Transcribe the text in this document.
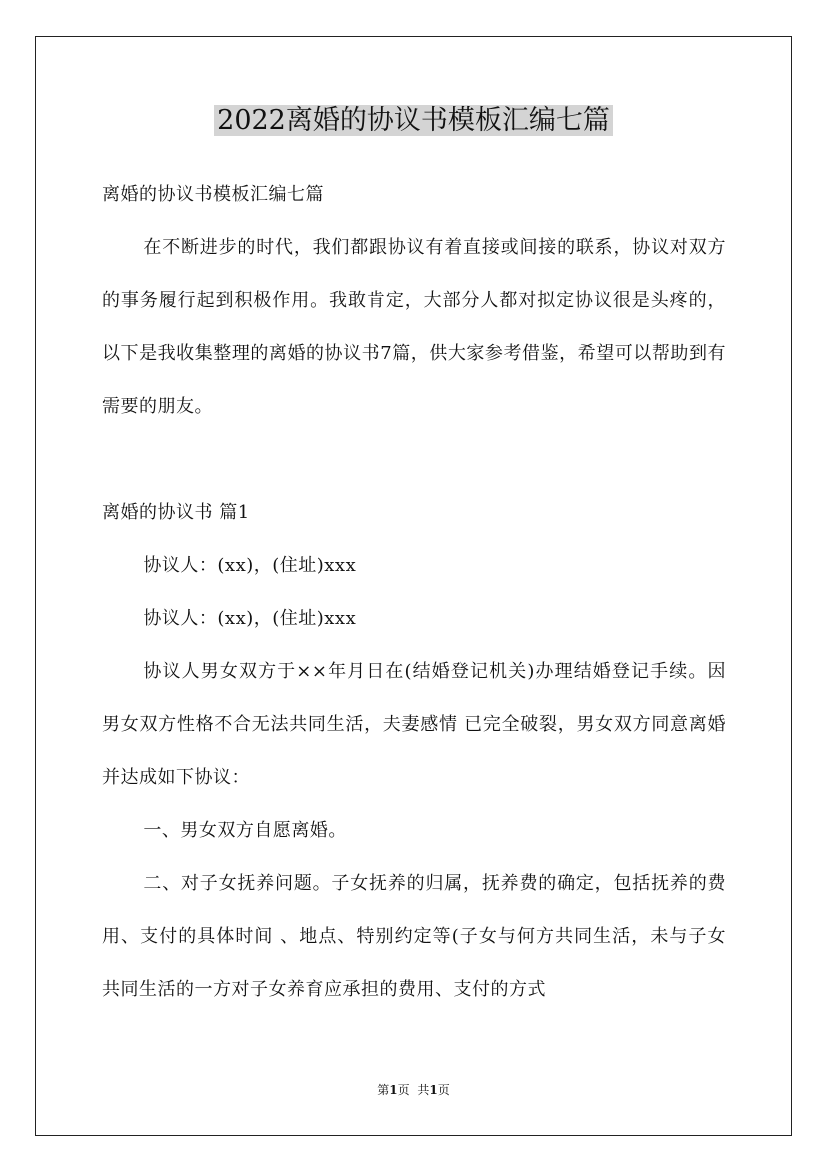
2022离婚的协议书模板汇编七篇

离婚的协议书模板汇编七篇

在不断进步的时代，我们都跟协议有着直接或间接的联系，协议对双方的事务履行起到积极作用。我敢肯定，大部分人都对拟定协议很是头疼的，以下是我收集整理的离婚的协议书7篇，供大家参考借鉴，希望可以帮助到有需要的朋友。

离婚的协议书 篇1

协议人：(xx)，(住址)xxx

协议人：(xx)，(住址)xxx

协议人男女双方于××年月日在(结婚登记机关)办理结婚登记手续。因男女双方性格不合无法共同生活，夫妻感情 已完全破裂，男女双方同意离婚并达成如下协议：

一、男女双方自愿离婚。

二、对子女抚养问题。子女抚养的归属，抚养费的确定，包括抚养的费用、支付的具体时间 、地点、特别约定等(子女与何方共同生活，未与子女共同生活的一方对子女养育应承担的费用、支付的方式

第1页 共1页
